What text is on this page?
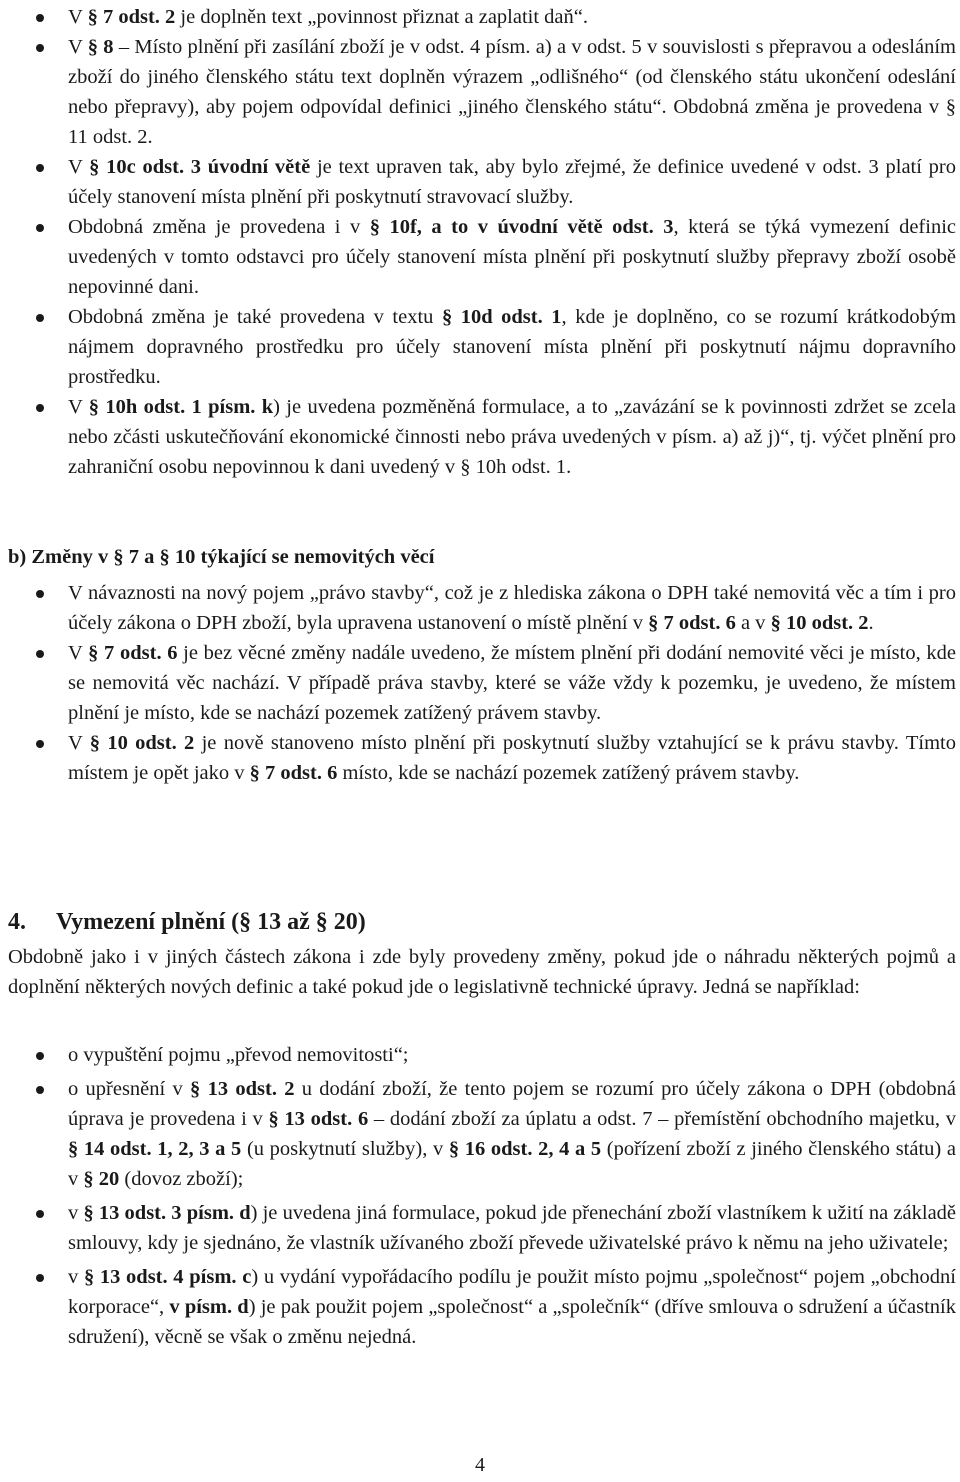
V § 7 odst. 2 je doplněn text „povinnost přiznat a zaplatit daň“.
V § 8 – Místo plnění při zasílání zboží je v odst. 4 písm. a) a v odst. 5 v souvislosti s přepravou a odesláním zboží do jiného členského státu text doplněn výrazem „odlišného“ (od členského státu ukončení odeslání nebo přepravy), aby pojem odpovídal definici „jiného členského státu“. Obdobná změna je provedena v § 11 odst. 2.
V § 10c odst. 3 úvodní větě je text upraven tak, aby bylo zřejmé, že definice uvedené v odst. 3 platí pro účely stanovení místa plnění při poskytnutí stravovací služby.
Obdobná změna je provedena i v § 10f, a to v úvodní větě odst. 3, která se týká vymezení definic uvedených v tomto odstavci pro účely stanovení místa plnění při poskytnutí služby přepravy zboží osobě nepovinné dani.
Obdobná změna je také provedena v textu § 10d odst. 1, kde je doplněno, co se rozumí krátkodobým nájmem dopravného prostředku pro účely stanovení místa plnění při poskytnutí nájmu dopravního prostředku.
V § 10h odst. 1 písm. k) je uvedena pozměněná formulace, a to „zavázání se k povinnosti zdržet se zcela nebo zčásti uskutečňování ekonomické činnosti nebo práva uvedených v písm. a) až j)“, tj. výčet plnění pro zahraniční osobu nepovinnou k dani uvedený v § 10h odst. 1.
b) Změny v § 7 a § 10 týkající se nemovitých věcí
V návaznosti na nový pojem „právo stavby“, což je z hlediska zákona o DPH také nemovitá věc a tím i pro účely zákona o DPH zboží, byla upravena ustanovení o místě plnění v § 7 odst. 6 a v § 10 odst. 2.
V § 7 odst. 6 je bez věcné změny nadále uvedeno, že místem plnění při dodání nemovité věci je místo, kde se nemovitá věc nachází. V případě práva stavby, které se váže vždy k pozemku, je uvedeno, že místem plnění je místo, kde se nachází pozemek zatížený právem stavby.
V § 10 odst. 2 je nově stanoveno místo plnění při poskytnutí služby vztahující se k právu stavby. Tímto místem je opět jako v § 7 odst. 6 místo, kde se nachází pozemek zatížený právem stavby.
4. Vymezení plnění (§ 13 až § 20)

Obdobně jako i v jiných částech zákona i zde byly provedeny změny, pokud jde o náhradu některých pojmů a doplnění některých nových definic a také pokud jde o legislativně technické úpravy. Jedná se například:

o vypuštění pojmu „převod nemovitosti“;
o upřesnění v § 13 odst. 2 u dodání zboží, že tento pojem se rozumí pro účely zákona o DPH (obdobná úprava je provedena i v § 13 odst. 6 – dodání zboží za úplatu a odst. 7 – přemístění obchodního majetku, v § 14 odst. 1, 2, 3 a 5 (u poskytnutí služby), v § 16 odst. 2, 4 a 5 (pořízení zboží z jiného členského státu) a v § 20 (dovoz zboží);
v § 13 odst. 3 písm. d) je uvedena jiná formulace, pokud jde přenechání zboží vlastníkem k užití na základě smlouvy, kdy je sjednáno, že vlastník užívaného zboží převede uživatelské právo k němu na jeho uživatele;
v § 13 odst. 4 písm. c) u vydání vypořádacího podílu je použit místo pojmu „společnost“ pojem „obchodní korporace“, v písm. d) je pak použit pojem „společnost“ a „společník“ (dříve smlouva o sdružení a účastník sdružení), věcně se však o změnu nejedná.
4
